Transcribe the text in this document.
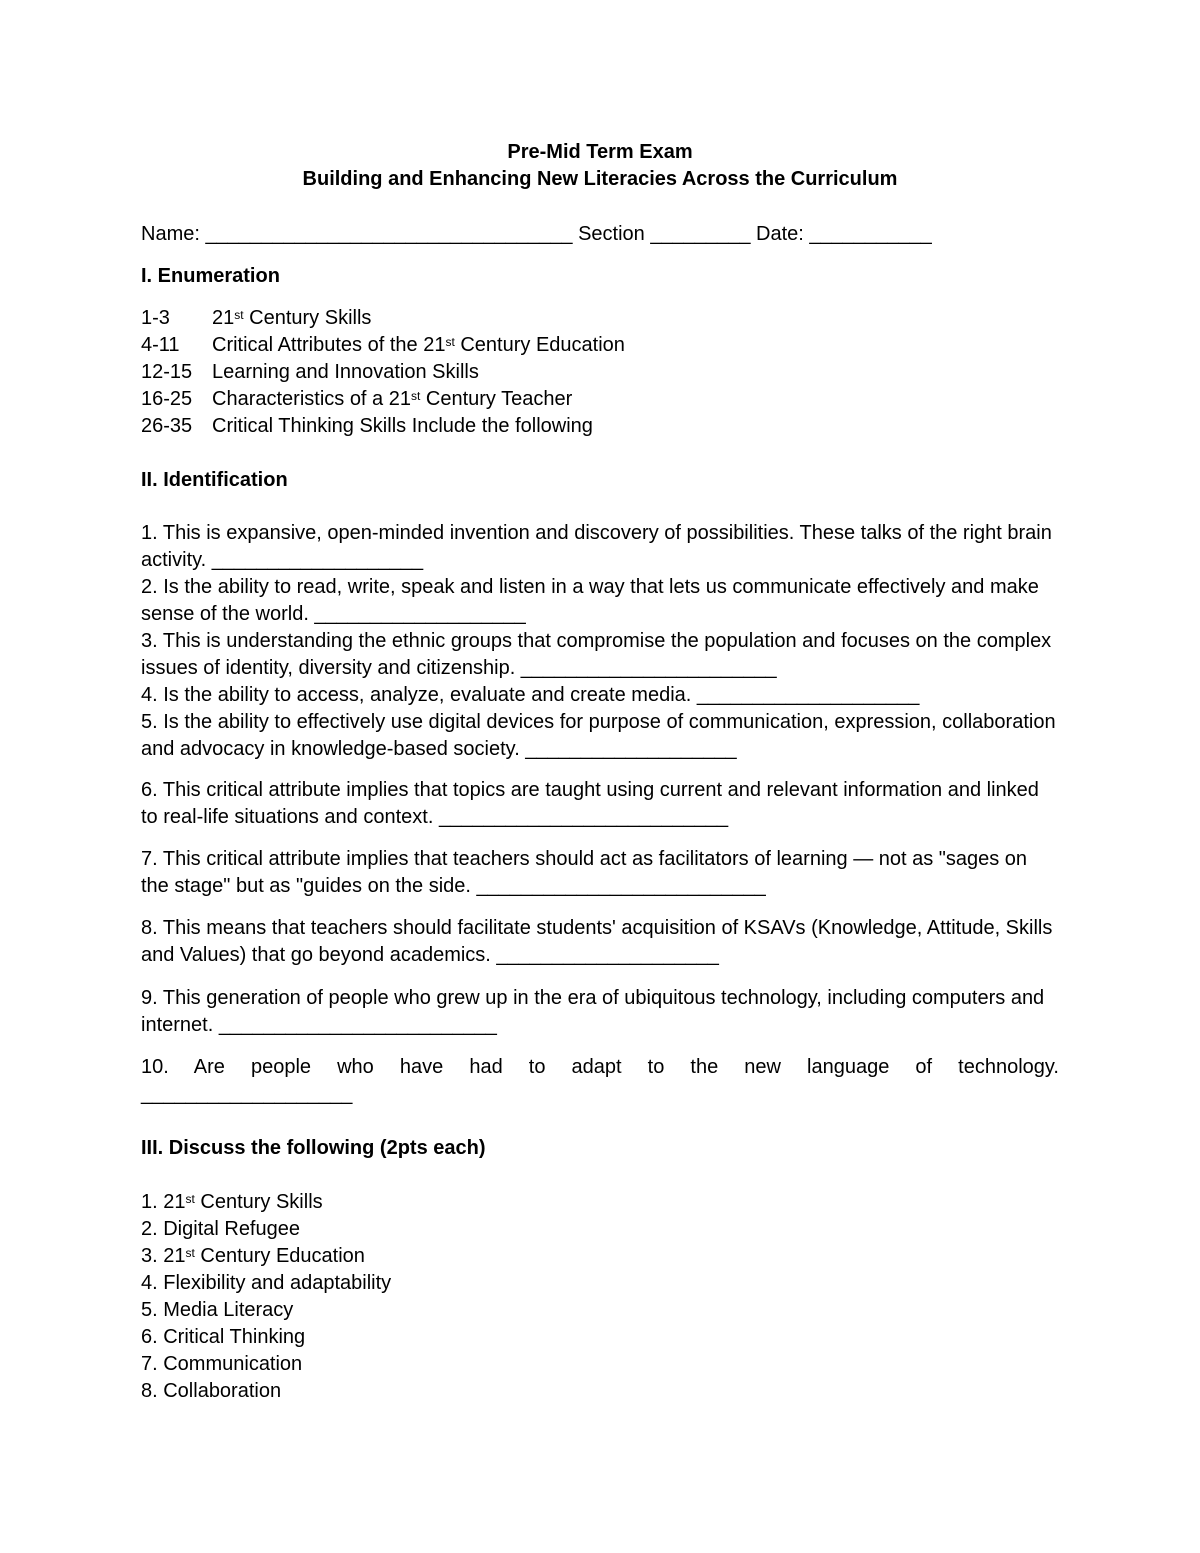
Pre-Mid Term Exam
Building and Enhancing New Literacies Across the Curriculum
Name: _________________________________ Section _________ Date: ___________
I. Enumeration
1-3 21st Century Skills
4-11 Critical Attributes of the 21st Century Education
12-15 Learning and Innovation Skills
16-25 Characteristics of a 21st Century Teacher
26-35 Critical Thinking Skills Include the following
II. Identification
1. This is expansive, open-minded invention and discovery of possibilities. These talks of the right brain activity. ___________________
2. Is the ability to read, write, speak and listen in a way that lets us communicate effectively and make sense of the world. ___________________
3. This is understanding the ethnic groups that compromise the population and focuses on the complex issues of identity, diversity and citizenship. _______________________
4. Is the ability to access, analyze, evaluate and create media. ____________________
5. Is the ability to effectively use digital devices for purpose of communication, expression, collaboration and advocacy in knowledge-based society. ___________________
6. This critical attribute implies that topics are taught using current and relevant information and linked to real-life situations and context. __________________________
7. This critical attribute implies that teachers should act as facilitators of learning — not as "sages on the stage" but as "guides on the side. __________________________
8. This means that teachers should facilitate students' acquisition of KSAVs (Knowledge, Attitude, Skills and Values) that go beyond academics. ____________________
9. This generation of people who grew up in the era of ubiquitous technology, including computers and internet. _________________________
10. Are people who have had to adapt to the new language of technology.
___________________
III. Discuss the following (2pts each)
1. 21st Century Skills
2. Digital Refugee
3. 21st Century Education
4. Flexibility and adaptability
5. Media Literacy
6. Critical Thinking
7. Communication
8. Collaboration
